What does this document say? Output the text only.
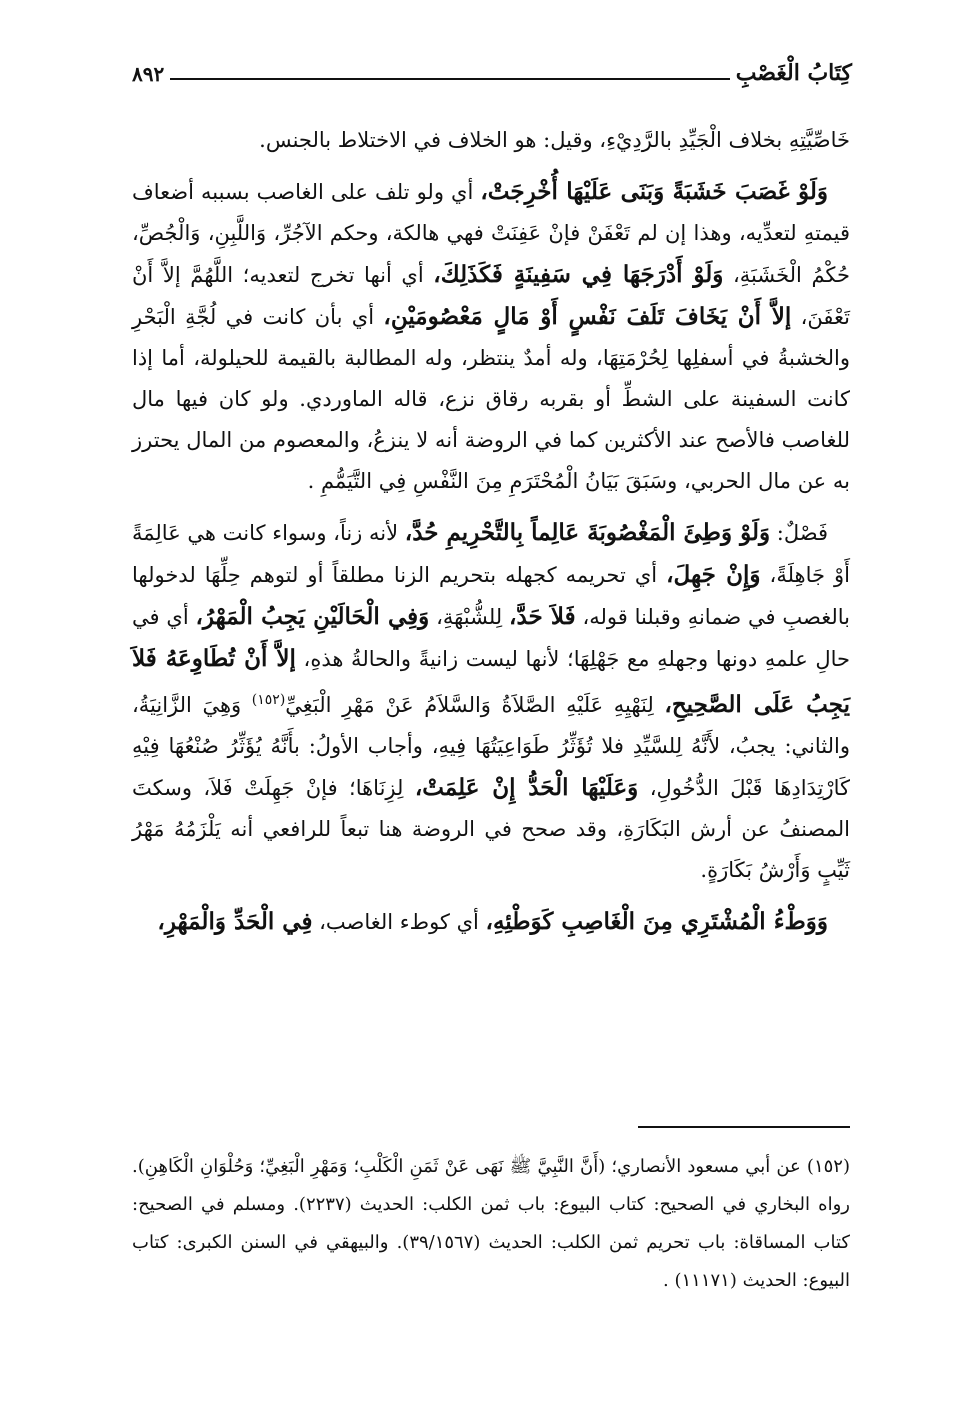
كِتَابُ الْغَصْبِ
٨٩٢

خَاصِّيَّتِهِ بخلاف الْجَيِّدِ بالرَّدِيْءِ، وقيل: هو الخلاف في الاختلاط بالجنس.

وَلَوْ غَصَبَ خَشَبَةً وَبَنَى عَلَيْهَا أُخْرِجَتْ، أي ولو تلف على الغاصب بسببه أضعاف قيمتهِ لتعدِّيه، وهذا إن لم تَعْفَنْ فإنْ عَفِنَتْ فهي هالكة، وحكم الآجُرِّ، وَاللَّبِنِ، وَالْجُصِّ، حُكْمُ الْخَشَبَةِ، وَلَوْ أَدْرَجَهَا فِي سَفِينَةٍ فَكَذَلِكَ، أي أنها تخرج لتعديه؛ اللَّهُمَّ إلاَّ أَنْ تَعْفَنَ، إلاَّ أَنْ يَخَافَ تَلَفَ نَفْسٍ أَوْ مَالٍ مَعْصُومَيْنِ، أي بأن كانت في لُجَّةِ الْبَحْرِ والخشبةُ في أسفلِها لِحُرْمَتِهَا، وله أمدٌ ينتظر، وله المطالبة بالقيمة للحيلولة، أما إذا كانت السفينة على الشطِّ أو بقربه رقاق نزع، قاله الماوردي. ولو كان فيها مال للغاصب فالأصح عند الأكثرين كما في الروضة أنه لا ينزعُ، والمعصوم من المال يحترز به عن مال الحربي، وسَبَقَ بَيَانُ الْمُحْتَرَمِ مِنَ النَّفْسِ فِي التَّيَمُّمِ .

فَصْلٌ: وَلَوْ وَطِئَ الْمَغْصُوبَةَ عَالِماً بِالتَّحْرِيمِ حُدَّ، لأنه زناً، وسواء كانت هي عَالِمَةً أَوْ جَاهِلَةً، وَإِنْ جَهِلَ، أي تحريمه كجهله بتحريم الزنا مطلقاً أو لتوهم حِلِّهَا لدخولها بالغصبِ في ضمانهِ وقبلنا قوله، فَلاَ حَدَّ، لِلشُّبْهَةِ، وَفِي الْحَالَيْنِ يَجِبُ الْمَهْرُ، أي في حالِ علمهِ دونها وجهلهِ مع جَهْلِهَا؛ لأنها ليست زانيةً والحالةُ هذهِ، إلاَّ أَنْ تُطَاوِعَهُ فَلاَ يَجِبُ عَلَى الصَّحِيحِ، لِنَهْيِهِ عَلَيْهِ الصَّلاَةُ وَالسَّلاَمُ عَنْ مَهْرِ الْبَغِيِّ$^{(١٥٢)}$ وَهِيَ الزَّانِيَةُ، والثاني: يجبُ، لأَنَّهُ لِلسَّيِّدِ فلا تُؤَثِّرُ طَوَاعِيَتُهَا فِيهِ، وأجاب الأولُ: بأَنَّهُ يُؤَثِّرُ صُنْعُهَا فِيْهِ كَارْتِدَادِهَا قَبْلَ الدُّخُولِ، وَعَلَيْهَا الْحَدُّ إِنْ عَلِمَتْ، لِزِنَاهَا؛ فإنْ جَهِلَتْ فَلاَ، وسكتَ المصنفُ عن أرش البَكَارَةِ، وقد صحح في الروضة هنا تبعاً للرافعي أنه يَلْزَمُهُ مَهْرُ ثَيِّبٍ وَأَرْشُ بَكَارَةٍ.

وَوَطْءُ الْمُشْتَرِي مِنَ الْغَاصِبِ كَوَطْئِهِ، أي كوطء الغاصب، فِي الْحَدِّ وَالْمَهْرِ،

(١٥٢) عن أبي مسعود الأنصاري؛ (أَنَّ النَّبِيَّ ﷺ نَهَى عَنْ ثَمَنِ الْكَلْبِ؛ وَمَهْرِ الْبَغِيِّ؛ وَحُلْوَانِ الْكَاهِنِ). رواه البخاري في الصحيح: كتاب البيوع: باب ثمن الكلب: الحديث (٢٢٣٧). ومسلم في الصحيح: كتاب المساقاة: باب تحريم ثمن الكلب: الحديث (٣٩/١٥٦٧). والبيهقي في السنن الكبرى: كتاب البيوع: الحديث (١١١٧١) .
